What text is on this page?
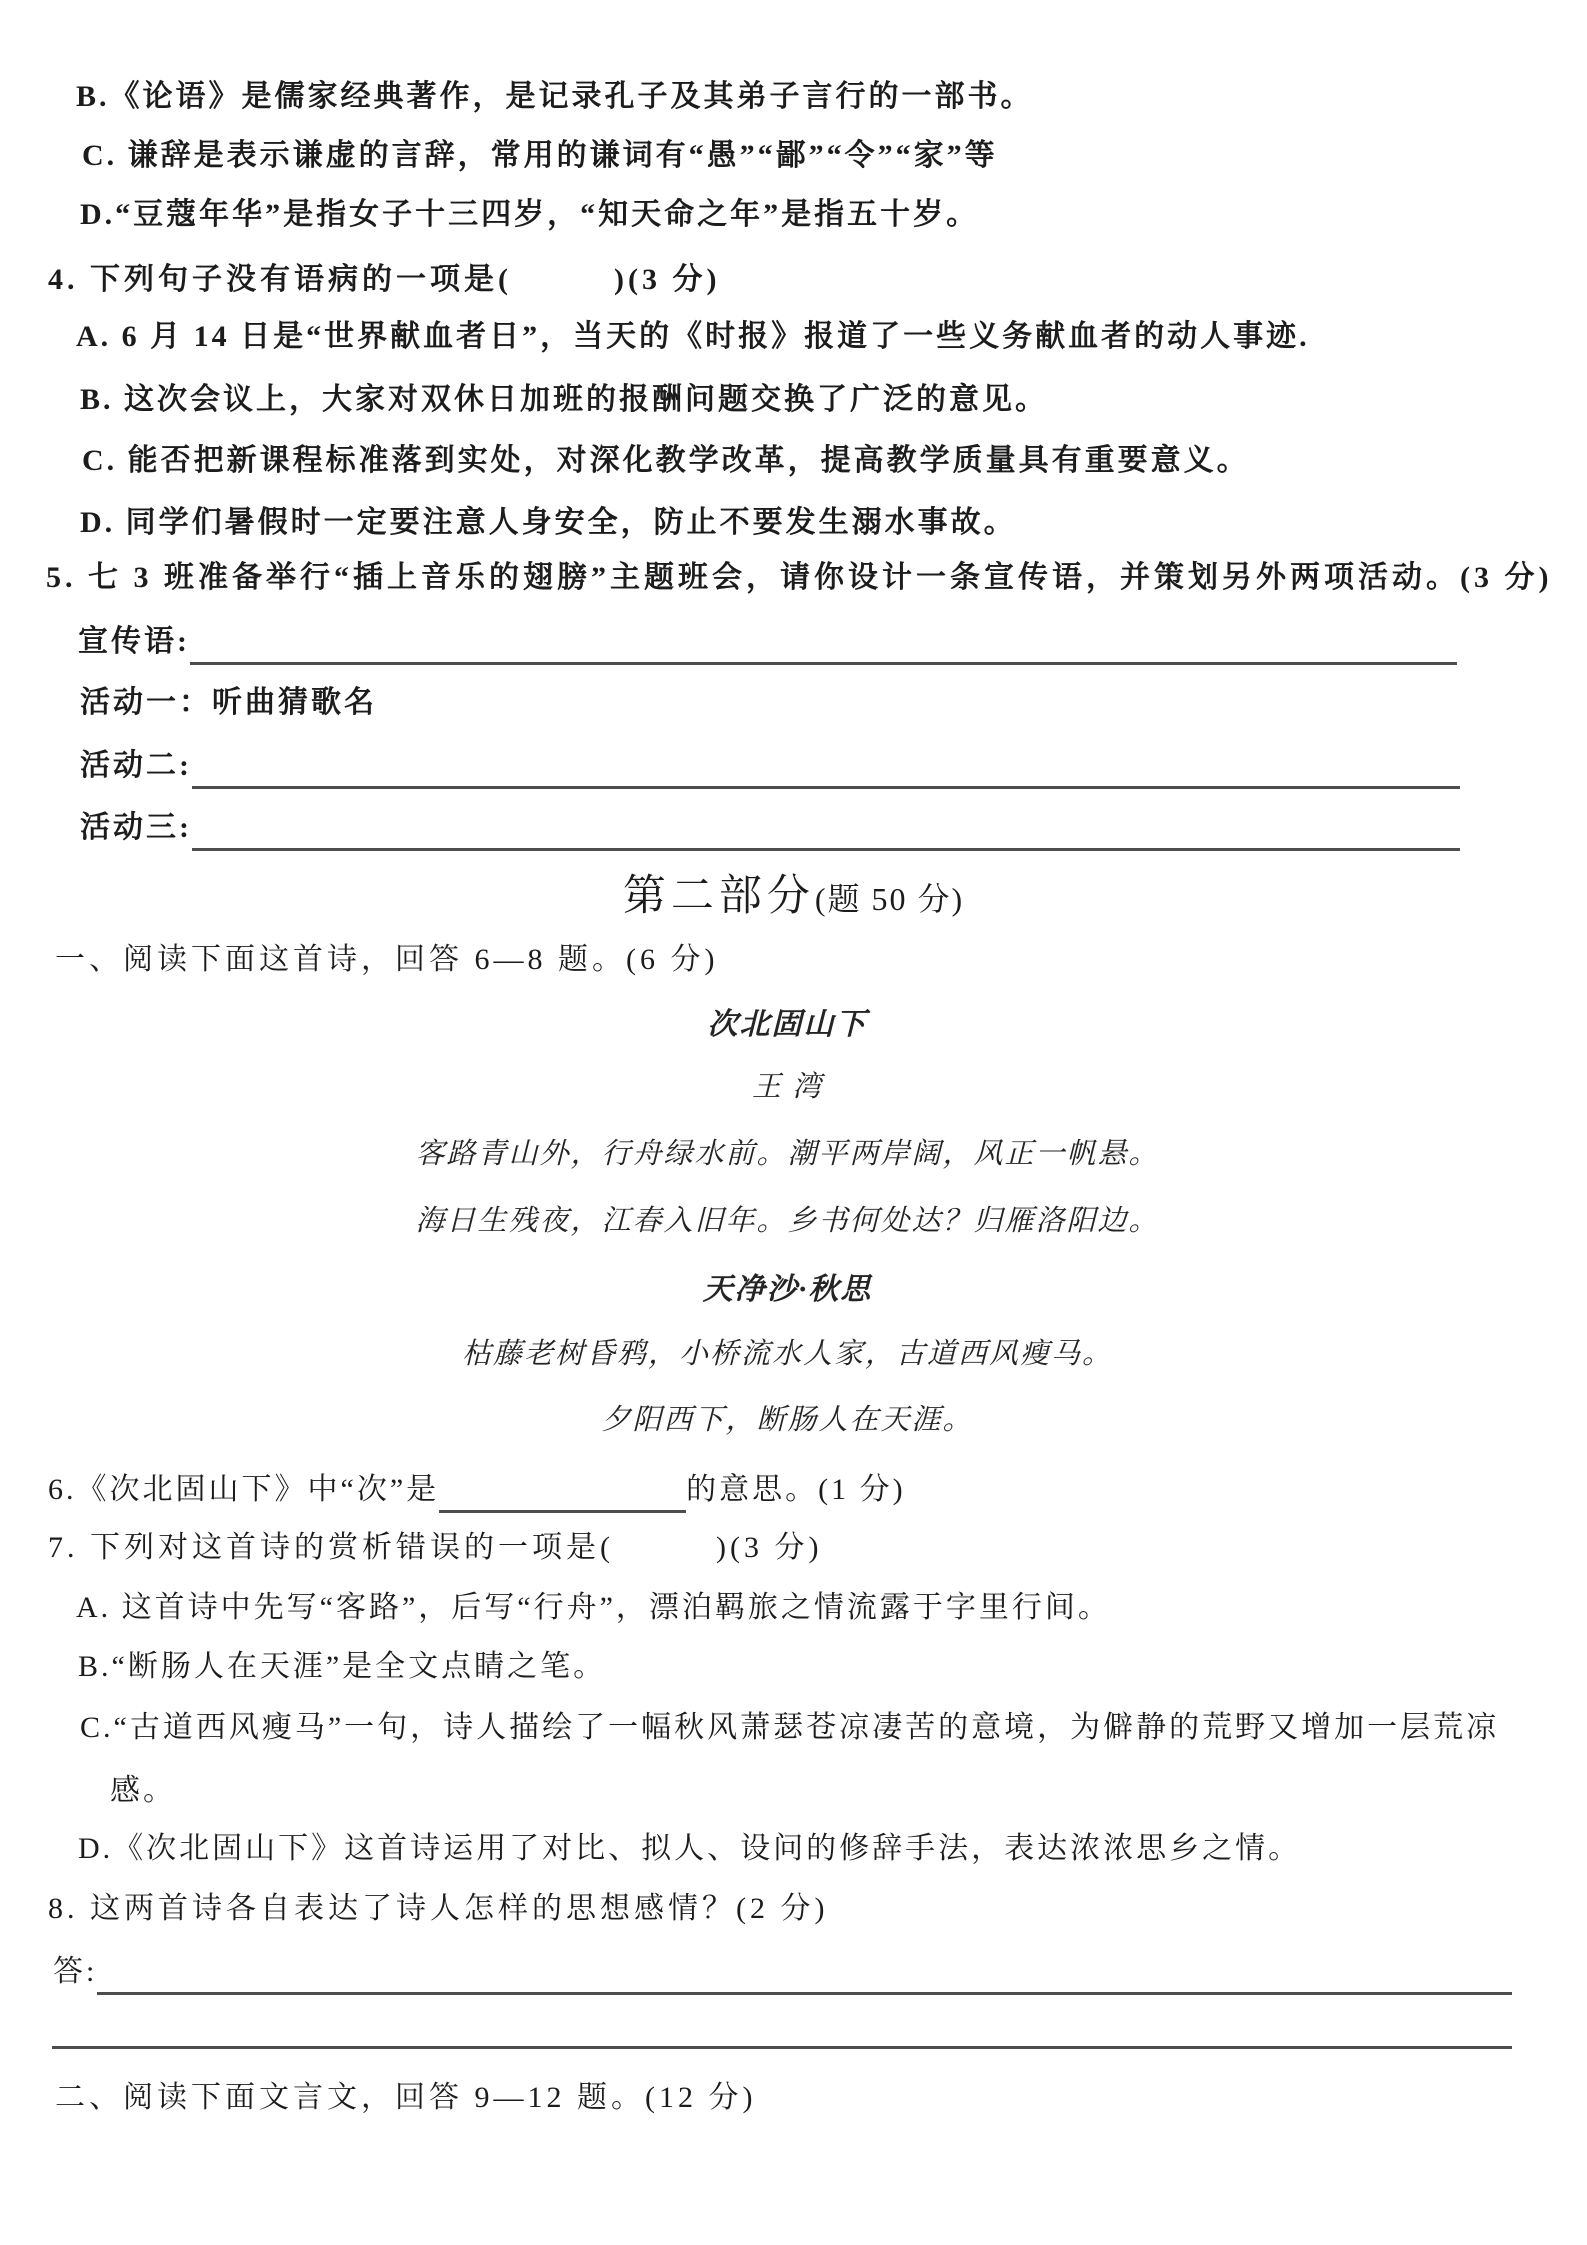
B.《论语》是儒家经典著作，是记录孔子及其弟子言行的一部书。
C. 谦辞是表示谦虚的言辞，常用的谦词有“愚”“鄙”“令”“家”等
D.“豆蔻年华”是指女子十三四岁，“知天命之年”是指五十岁。
4. 下列句子没有语病的一项是(　　　)(3 分)
A. 6 月 14 日是“世界献血者日”，当天的《时报》报道了一些义务献血者的动人事迹.
B. 这次会议上，大家对双休日加班的报酬问题交换了广泛的意见。
C. 能否把新课程标准落到实处，对深化教学改革，提高教学质量具有重要意义。
D. 同学们暑假时一定要注意人身安全，防止不要发生溺水事故。
5. 七 3 班准备举行“插上音乐的翅膀”主题班会，请你设计一条宣传语，并策划另外两项活动。(3 分)
宣传语:
活动一： 听曲猜歌名
活动二:
活动三:
第二部分(题 50 分)
一、阅读下面这首诗，回答 6—8 题。(6 分)
次北固山下
王 湾
客路青山外，行舟绿水前。潮平两岸阔，风正一帆悬。
海日生残夜，江春入旧年。乡书何处达？归雁洛阳边。
天净沙·秋思
枯藤老树昏鸦，小桥流水人家，古道西风瘦马。
夕阳西下，断肠人在天涯。
6.《次北固山下》中“次”是	的意思。(1 分)
7. 下列对这首诗的赏析错误的一项是(　　　)(3 分)
A. 这首诗中先写“客路”，后写“行舟”，漂泊羁旅之情流露于字里行间。
B.“断肠人在天涯”是全文点睛之笔。
C.“古道西风瘦马”一句，诗人描绘了一幅秋风萧瑟苍凉凄苦的意境，为僻静的荒野又增加一层荒凉
感。
D.《次北固山下》这首诗运用了对比、拟人、设问的修辞手法，表达浓浓思乡之情。
8. 这两首诗各自表达了诗人怎样的思想感情？(2 分)
答:
二、阅读下面文言文，回答 9—12 题。(12 分)
